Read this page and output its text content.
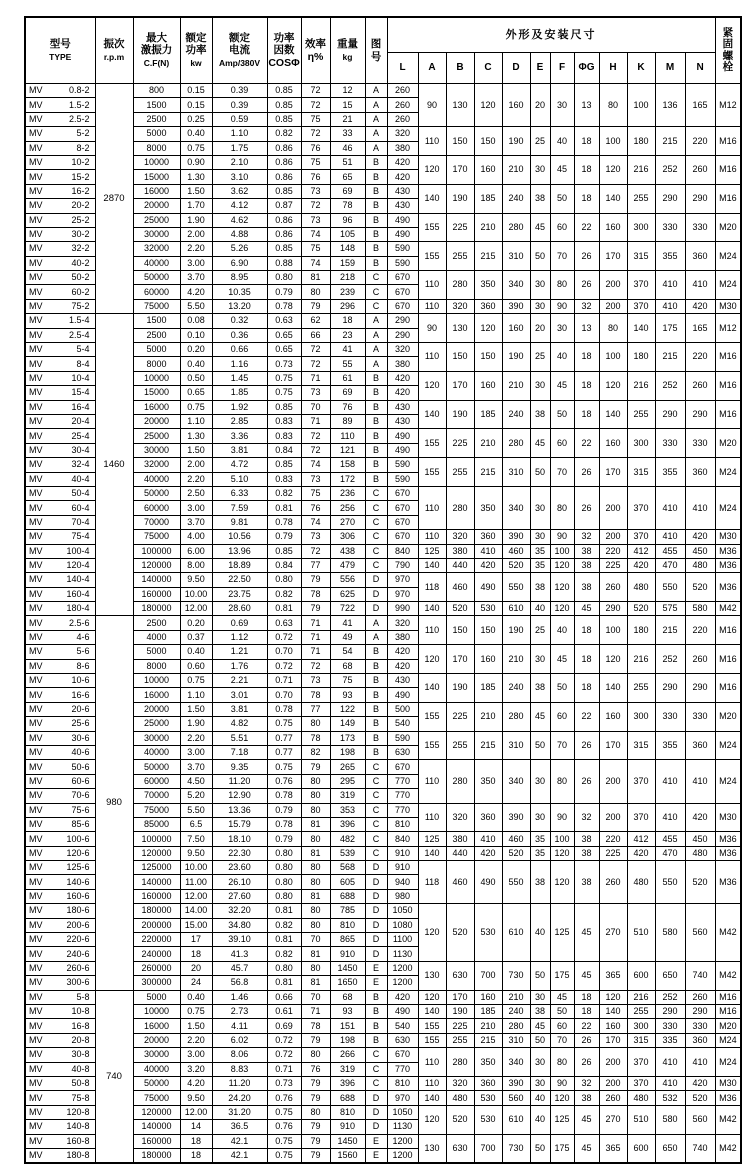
型号
TYPE	振次
r.p.m	最大
激振力
C.F(N)	额定
功率
kw	额定
电流
Amp/380V	功率
因数
COSΦ	效率
η%	重量
kg	图
号	外形及安装尺寸												紧
固
螺
栓

									L	A	B	C	D	E	F	ΦG	H	K	M	N	

MV 0.8-2	2870	800	0.15	0.39	0.85	72	12	A	260	90	130	120	160	20	30	13	80	100	136	165	M12

MV 1.5-2		1500	0.15	0.39	0.85	72	15	A	260												

MV 2.5-2		2500	0.25	0.59	0.85	75	21	A	260												

MV 5-2		5000	0.40	1.10	0.82	72	33	A	320	110	150	150	190	25	40	18	100	180	215	220	M16

MV 8-2		8000	0.75	1.75	0.86	76	46	A	380												

MV 10-2		10000	0.90	2.10	0.86	75	51	B	420	120	170	160	210	30	45	18	120	216	252	260	M16

MV 15-2		15000	1.30	3.10	0.86	76	65	B	420												

MV 16-2		16000	1.50	3.62	0.85	73	69	B	430	140	190	185	240	38	50	18	140	255	290	290	M16

MV 20-2		20000	1.70	4.12	0.87	72	78	B	430												

MV 25-2		25000	1.90	4.62	0.86	73	96	B	490	155	225	210	280	45	60	22	160	300	330	330	M20

MV 30-2		30000	2.00	4.88	0.86	74	105	B	490												

MV 32-2		32000	2.20	5.26	0.85	75	148	B	590	155	255	215	310	50	70	26	170	315	355	360	M24

MV 40-2		40000	3.00	6.90	0.88	74	159	B	590												

MV 50-2		50000	3.70	8.95	0.80	81	218	C	670	110	280	350	340	30	80	26	200	370	410	410	M24

MV 60-2		60000	4.20	10.35	0.79	80	239	C	670												

MV 75-2		75000	5.50	13.20	0.78	79	296	C	670	110	320	360	390	30	90	32	200	370	410	420	M30

MV 1.5-4	1460	1500	0.08	0.32	0.63	62	18	A	290	90	130	120	160	20	30	13	80	140	175	165	M12

MV 2.5-4		2500	0.10	0.36	0.65	66	23	A	290												

MV 5-4		5000	0.20	0.66	0.65	72	41	A	320	110	150	150	190	25	40	18	100	180	215	220	M16

MV 8-4		8000	0.40	1.16	0.73	72	55	A	380												

MV 10-4		10000	0.50	1.45	0.75	71	61	B	420	120	170	160	210	30	45	18	120	216	252	260	M16

MV 15-4		15000	0.65	1.85	0.75	73	69	B	420												

MV 16-4		16000	0.75	1.92	0.85	70	76	B	430	140	190	185	240	38	50	18	140	255	290	290	M16

MV 20-4		20000	1.10	2.85	0.83	71	89	B	430												

MV 25-4		25000	1.30	3.36	0.83	72	110	B	490	155	225	210	280	45	60	22	160	300	330	330	M20

MV 30-4		30000	1.50	3.81	0.84	72	121	B	490												

MV 32-4		32000	2.00	4.72	0.85	74	158	B	590	155	255	215	310	50	70	26	170	315	355	360	M24

MV 40-4		40000	2.20	5.10	0.83	73	172	B	590												

MV 50-4		50000	2.50	6.33	0.82	75	236	C	670	110	280	350	340	30	80	26	200	370	410	410	M24

MV 60-4		60000	3.00	7.59	0.81	76	256	C	670												

MV 70-4		70000	3.70	9.81	0.78	74	270	C	670												

MV 75-4		75000	4.00	10.56	0.79	73	306	C	670	110	320	360	390	30	90	32	200	370	410	420	M30

MV 100-4		100000	6.00	13.96	0.85	72	438	C	840	125	380	410	460	35	100	38	220	412	455	450	M36

MV 120-4		120000	8.00	18.89	0.84	77	479	C	790	140	440	420	520	35	120	38	225	420	470	480	M36

MV 140-4		140000	9.50	22.50	0.80	79	556	D	970	118	460	490	550	38	120	38	260	480	550	520	M36

MV 160-4		160000	10.00	23.75	0.82	78	625	D	970												

MV 180-4		180000	12.00	28.60	0.81	79	722	D	990	140	520	530	610	40	120	45	290	520	575	580	M42

MV 2.5-6	980	2500	0.20	0.69	0.63	71	41	A	320	110	150	150	190	25	40	18	100	180	215	220	M16

MV 4-6		4000	0.37	1.12	0.72	71	49	A	380												

MV 5-6		5000	0.40	1.21	0.70	71	54	B	420	120	170	160	210	30	45	18	120	216	252	260	M16

MV 8-6		8000	0.60	1.76	0.72	72	68	B	420												

MV 10-6		10000	0.75	2.21	0.71	73	75	B	430	140	190	185	240	38	50	18	140	255	290	290	M16

MV 16-6		16000	1.10	3.01	0.70	78	93	B	490												

MV 20-6		20000	1.50	3.81	0.78	77	122	B	500	155	225	210	280	45	60	22	160	300	330	330	M20

MV 25-6		25000	1.90	4.82	0.75	80	149	B	540												

MV 30-6		30000	2.20	5.51	0.77	78	173	B	590	155	255	215	310	50	70	26	170	315	355	360	M24

MV 40-6		40000	3.00	7.18	0.77	82	198	B	630												

MV 50-6		50000	3.70	9.35	0.75	79	265	C	670	110	280	350	340	30	80	26	200	370	410	410	M24

MV 60-6		60000	4.50	11.20	0.76	80	295	C	770												

MV 70-6		70000	5.20	12.90	0.78	80	319	C	770												

MV 75-6		75000	5.50	13.36	0.79	80	353	C	770	110	320	360	390	30	90	32	200	370	410	420	M30

MV 85-6		85000	6.5	15.79	0.78	81	396	C	810												

MV 100-6		100000	7.50	18.10	0.79	80	482	C	840	125	380	410	460	35	100	38	220	412	455	450	M36

MV 120-6		120000	9.50	22.30	0.80	81	539	C	910	140	440	420	520	35	120	38	225	420	470	480	M36

MV 125-6		125000	10.00	23.60	0.80	80	568	D	910	118	460	490	550	38	120	38	260	480	550	520	M36

MV 140-6		140000	11.00	26.10	0.80	80	605	D	940												

MV 160-6		160000	12.00	27.60	0.80	81	688	D	980												

MV 180-6		180000	14.00	32.20	0.81	80	785	D	1050	120	520	530	610	40	125	45	270	510	580	560	M42

MV 200-6		200000	15.00	34.80	0.82	80	810	D	1080												

MV 220-6		220000	17	39.10	0.81	70	865	D	1100												

MV 240-6		240000	18	41.3	0.82	81	910	D	1130												

MV 260-6		260000	20	45.7	0.80	80	1450	E	1200	130	630	700	730	50	175	45	365	600	650	740	M42

MV 300-6		300000	24	56.8	0.81	81	1650	E	1200												

MV 5-8	740	5000	0.40	1.46	0.66	70	68	B	420	120	170	160	210	30	45	18	120	216	252	260	M16

MV 10-8		10000	0.75	2.73	0.61	71	93	B	490	140	190	185	240	38	50	18	140	255	290	290	M16

MV 16-8		16000	1.50	4.11	0.69	78	151	B	540	155	225	210	280	45	60	22	160	300	330	330	M20

MV 20-8		20000	2.20	6.02	0.72	79	198	B	630	155	255	215	310	50	70	26	170	315	335	360	M24

MV 30-8		30000	3.00	8.06	0.72	80	266	C	670	110	280	350	340	30	80	26	200	370	410	410	M24

MV 40-8		40000	3.20	8.83	0.71	76	319	C	770												

MV 50-8		50000	4.20	11.20	0.73	79	396	C	810	110	320	360	390	30	90	32	200	370	410	420	M30

MV 75-8		75000	9.50	24.20	0.76	79	688	D	970	140	480	530	560	40	120	38	260	480	532	520	M36

MV 120-8		120000	12.00	31.20	0.75	80	810	D	1050	120	520	530	610	40	125	45	270	510	580	560	M42

MV 140-8		140000	14	36.5	0.76	79	910	D	1130												

MV 160-8		160000	18	42.1	0.75	79	1450	E	1200	130	630	700	730	50	175	45	365	600	650	740	M42

MV 180-8		180000	18	42.1	0.75	79	1560	E	1200												
